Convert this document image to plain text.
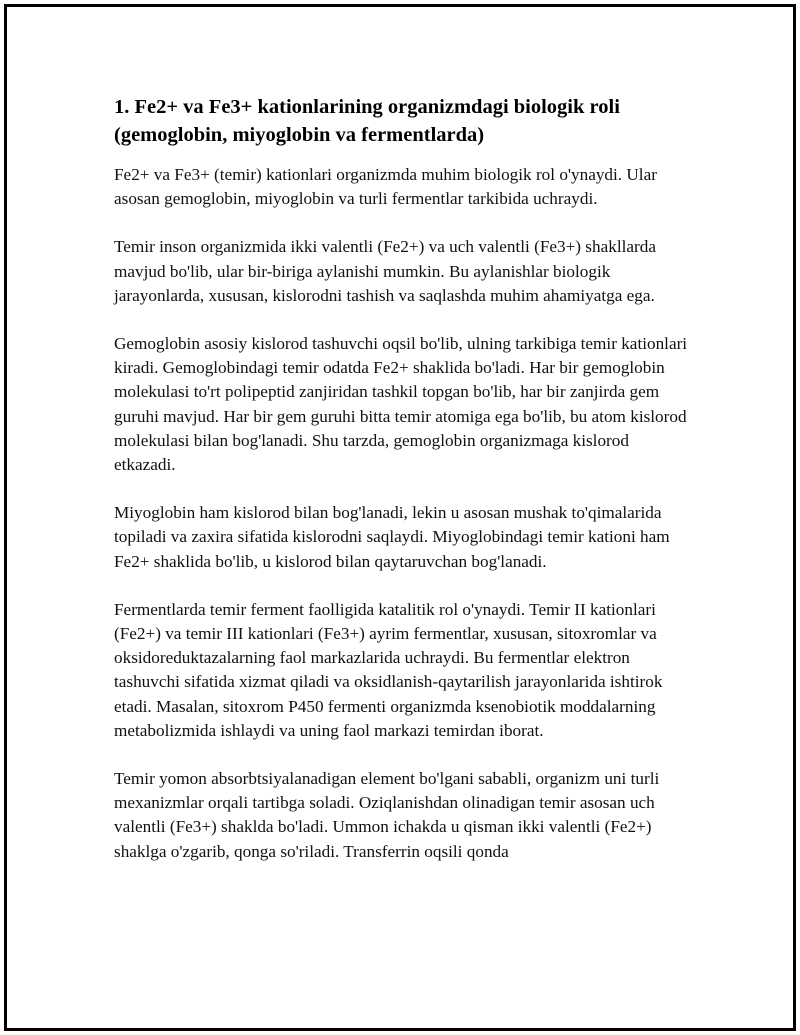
1. Fe2+ va Fe3+ kationlarining organizmdagi biologik roli (gemoglobin, miyoglobin va fermentlarda)

Fe2+ va Fe3+ (temir) kationlari organizmda muhim biologik rol o'ynaydi. Ular asosan gemoglobin, miyoglobin va turli fermentlar tarkibida uchraydi.

Temir inson organizmida ikki valentli (Fe2+) va uch valentli (Fe3+) shakllarda mavjud bo'lib, ular bir-biriga aylanishi mumkin. Bu aylanishlar biologik jarayonlarda, xususan, kislorodni tashish va saqlashda muhim ahamiyatga ega.

Gemoglobin asosiy kislorod tashuvchi oqsil bo'lib, ulning tarkibiga temir kationlari kiradi. Gemoglobindagi temir odatda Fe2+ shaklida bo'ladi. Har bir gemoglobin molekulasi to'rt polipeptid zanjiridan tashkil topgan bo'lib, har bir zanjirda gem guruhi mavjud. Har bir gem guruhi bitta temir atomiga ega bo'lib, bu atom kislorod molekulasi bilan bog'lanadi. Shu tarzda, gemoglobin organizmaga kislorod etkazadi.

Miyoglobin ham kislorod bilan bog'lanadi, lekin u asosan mushak to'qimalarida topiladi va zaxira sifatida kislorodni saqlaydi. Miyoglobindagi temir kationi ham Fe2+ shaklida bo'lib, u kislorod bilan qaytaruvchan bog'lanadi.

Fermentlarda temir ferment faolligida katalitik rol o'ynaydi. Temir II kationlari (Fe2+) va temir III kationlari (Fe3+) ayrim fermentlar, xususan, sitoxromlar va oksidoreduktazalarning faol markazlarida uchraydi. Bu fermentlar elektron tashuvchi sifatida xizmat qiladi va oksidlanish-qaytarilish jarayonlarida ishtirok etadi. Masalan, sitoxrom P450 fermenti organizmda ksenobiotik moddalarning metabolizmida ishlaydi va uning faol markazi temirdan iborat.

Temir yomon absorbtsiyalanadigan element bo'lgani sababli, organizm uni turli mexanizmlar orqali tartibga soladi. Oziqlanishdan olinadigan temir asosan uch valentli (Fe3+) shaklda bo'ladi. Ummon ichakda u qisman ikki valentli (Fe2+) shaklga o'zgarib, qonga so'riladi. Transferrin oqsili qonda
